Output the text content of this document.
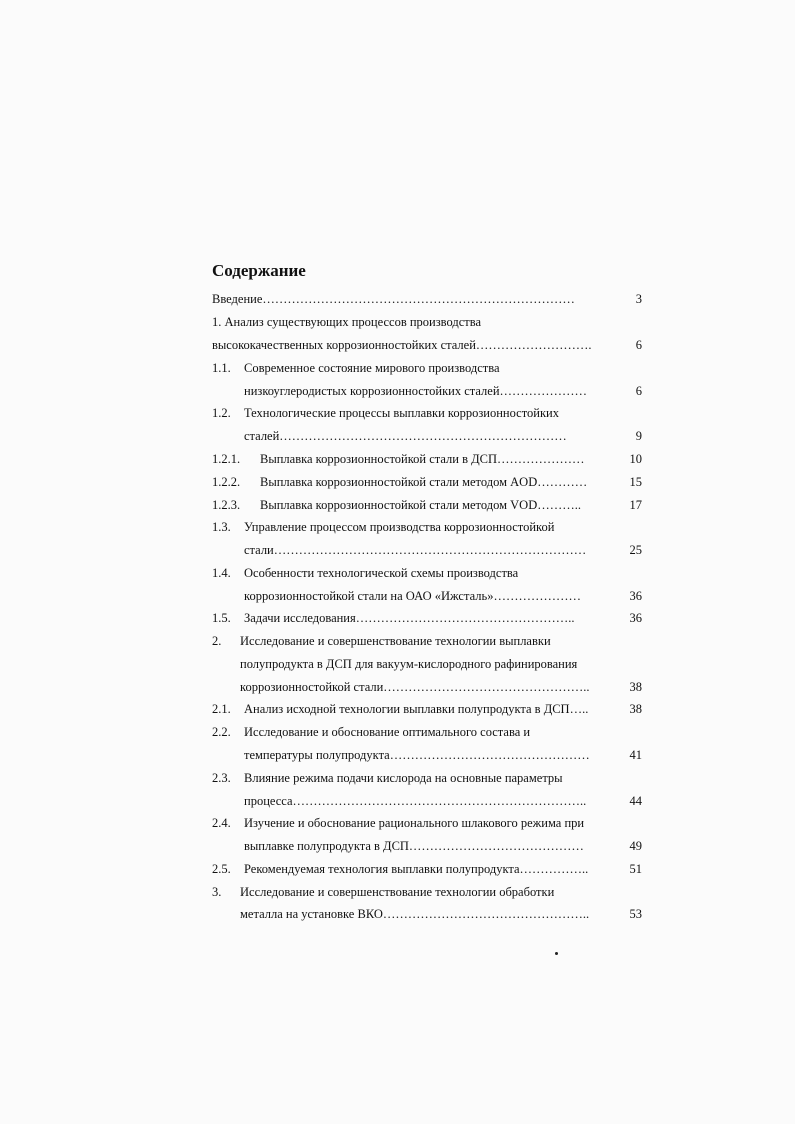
Содержание
Введение…………………………………………………………………	3
1. Анализ существующих процессов производства
высококачественных коррозионностойких сталей……………………….	6
1.1. Современное состояние мирового производства
низкоуглеродистых коррозионностойких сталей…………………	6
1.2. Технологические процессы выплавки коррозионностойких
сталей……………………………………………………………	9
1.2.1. Выплавка коррозионностойкой стали в ДСП…………………	10
1.2.2. Выплавка коррозионностойкой стали методом AOD…………	15
1.2.3. Выплавка коррозионностойкой стали методом VOD………..	17
1.3. Управление процессом производства коррозионностойкой
стали…………………………………………………………………	25
1.4. Особенности технологической схемы производства
коррозионностойкой стали на ОАО «Ижсталь»…………………	36
1.5. Задачи исследования……………………………………………..	36
2. Исследование и совершенствование технологии выплавки
полупродукта в ДСП для вакуум-кислородного рафинирования
коррозионностойкой стали…………………………………………..	38
2.1. Анализ исходной технологии выплавки полупродукта в ДСП…..	38
2.2. Исследование и обоснование оптимального состава и
температуры полупродукта…………………………………………	41
2.3. Влияние режима подачи кислорода на основные параметры
процесса……………………………………………………………..	44
2.4. Изучение и обоснование рационального шлакового режима при
выплавке полупродукта в ДСП……………………………………	49
2.5. Рекомендуемая технология выплавки полупродукта……………..	51
3. Исследование и совершенствование технологии обработки
металла на установке ВКО…………………………………………..	53
